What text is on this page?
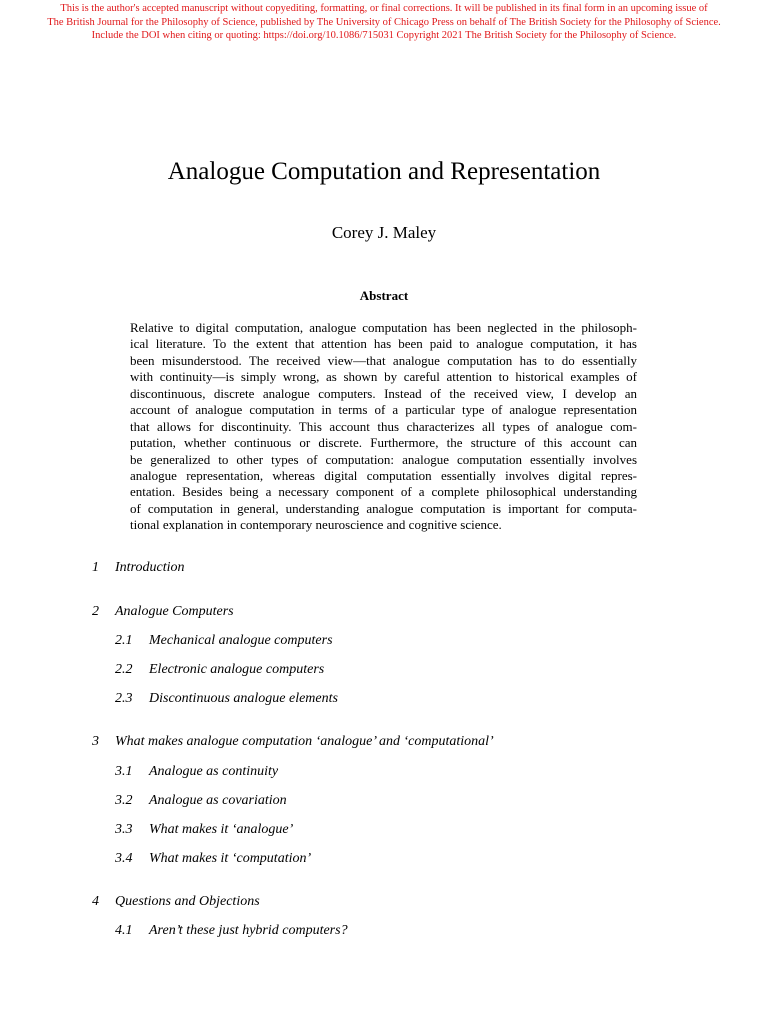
This is the author's accepted manuscript without copyediting, formatting, or final corrections. It will be published in its final form in an upcoming issue of
The British Journal for the Philosophy of Science, published by The University of Chicago Press on behalf of The British Society for the Philosophy of Science.
Include the DOI when citing or quoting: https://doi.org/10.1086/715031 Copyright 2021 The British Society for the Philosophy of Science.
Analogue Computation and Representation
Corey J. Maley
Abstract
Relative to digital computation, analogue computation has been neglected in the philosoph-
ical literature. To the extent that attention has been paid to analogue computation, it has
been misunderstood. The received view—that analogue computation has to do essentially
with continuity—is simply wrong, as shown by careful attention to historical examples of
discontinuous, discrete analogue computers. Instead of the received view, I develop an
account of analogue computation in terms of a particular type of analogue representation
that allows for discontinuity. This account thus characterizes all types of analogue com-
putation, whether continuous or discrete. Furthermore, the structure of this account can
be generalized to other types of computation: analogue computation essentially involves
analogue representation, whereas digital computation essentially involves digital repres-
entation. Besides being a necessary component of a complete philosophical understanding
of computation in general, understanding analogue computation is important for computa-
tional explanation in contemporary neuroscience and cognitive science.
1 Introduction
2 Analogue Computers
2.1 Mechanical analogue computers
2.2 Electronic analogue computers
2.3 Discontinuous analogue elements
3 What makes analogue computation ‘analogue’ and ‘computational’
3.1 Analogue as continuity
3.2 Analogue as covariation
3.3 What makes it ‘analogue’
3.4 What makes it ‘computation’
4 Questions and Objections
4.1 Aren’t these just hybrid computers?
